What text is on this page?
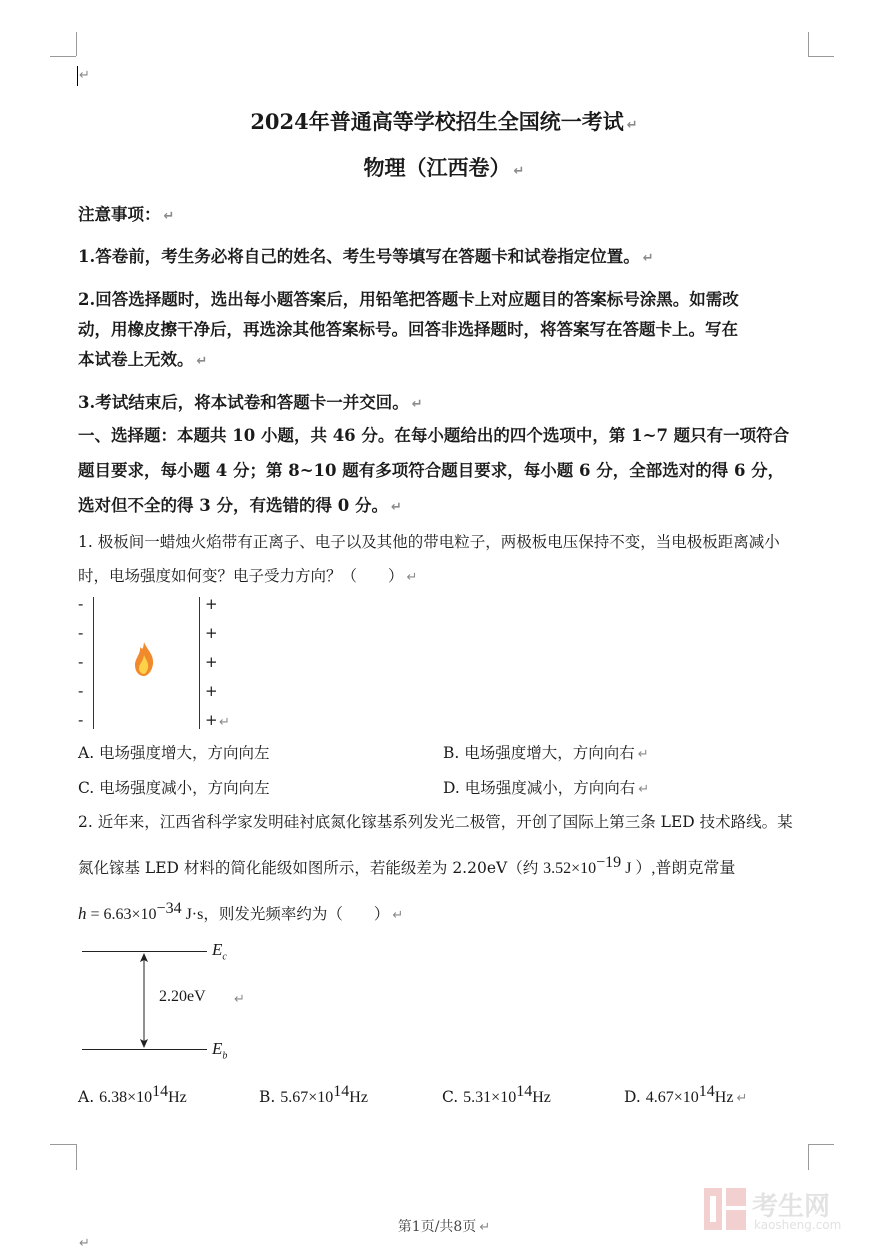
↵
2024年普通高等学校招生全国统一考试 ↵
物理（江西卷） ↵
注意事项： ↵
1.答卷前，考生务必将自己的姓名、考生号等填写在答题卡和试卷指定位置。 ↵
2.回答选择题时，选出每小题答案后，用铅笔把答题卡上对应题目的答案标号涂黑。如需改
动，用橡皮擦干净后，再选涂其他答案标号。回答非选择题时，将答案写在答题卡上。写在
本试卷上无效。 ↵
3.考试结束后，将本试卷和答题卡一并交回。 ↵
一、选择题：本题共 10 小题，共 46 分。在每小题给出的四个选项中，第 1~7 题只有一项符合
题目要求，每小题 4 分；第 8~10 题有多项符合题目要求，每小题 6 分，全部选对的得 6 分，
选对但不全的得 3 分，有选错的得 0 分。 ↵
1. 极板间一蜡烛火焰带有正离子、电子以及其他的带电粒子，两极板电压保持不变，当电极板距离减小
时，电场强度如何变？电子受力方向？（　　） ↵
-
-
-
-
-
+
+
+
+
+ ↵
A. 电场强度增大，方向向左	B. 电场强度增大，方向向右 ↵
C. 电场强度减小，方向向左	D. 电场强度减小，方向向右 ↵
2. 近年来，江西省科学家发明硅衬底氮化镓基系列发光二极管，开创了国际上第三条 LED 技术路线。某
氮化镓基 LED 材料的简化能级如图所示，若能级差为 2.20eV（约 $3.52\times 10^{-19}$ J ）,普朗克常量
$h = 6.63\times 10^{-34}$ J·s，则发光频率约为（　　） ↵
$E_c$
$E_b$
2.20eV ↵
A. $6.38\times 10^{14}Hz$	B. $5.67\times 10^{14}Hz$	C. $5.31\times 10^{14}Hz$	D. $4.67\times 10^{14}Hz$ ↵
第1页/共8页 ↵
↵
考生网
kaosheng.com
